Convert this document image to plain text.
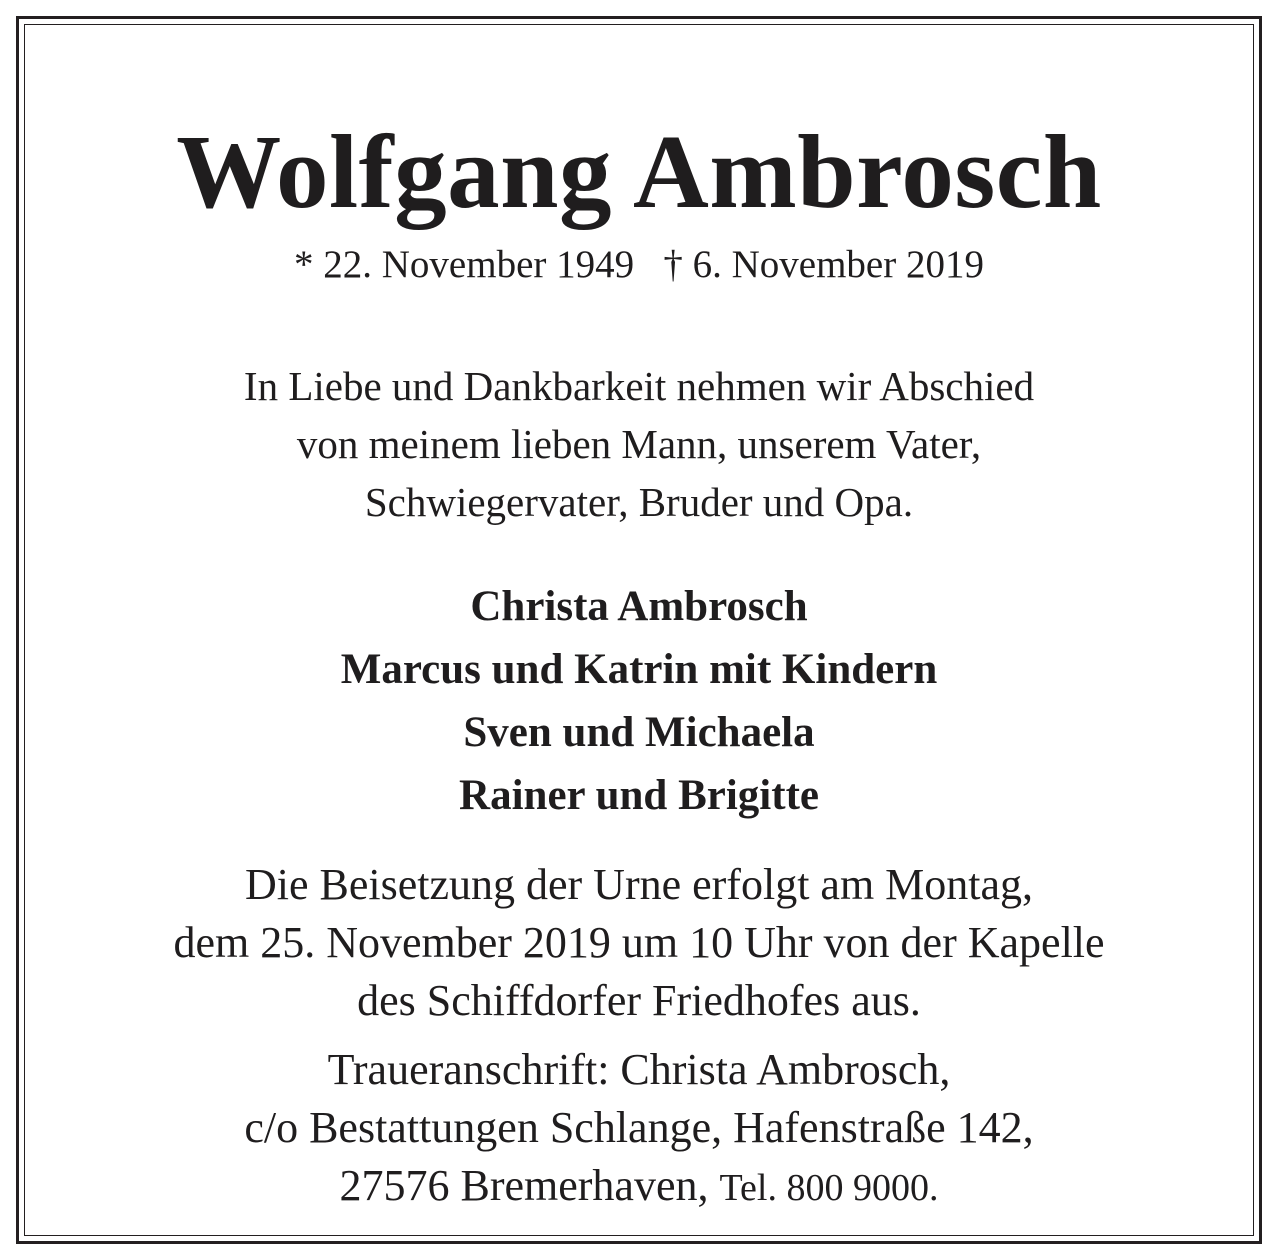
Wolfgang Ambrosch
* 22. November 1949   † 6. November 2019

In Liebe und Dankbarkeit nehmen wir Abschied
von meinem lieben Mann, unserem Vater,
Schwiegervater, Bruder und Opa.

Christa Ambrosch
Marcus und Katrin mit Kindern
Sven und Michaela
Rainer und Brigitte

Die Beisetzung der Urne erfolgt am Montag,
dem 25. November 2019 um 10 Uhr von der Kapelle
des Schiffdorfer Friedhofes aus.

Traueranschrift: Christa Ambrosch,
c/o Bestattungen Schlange, Hafenstraße 142,
27576 Bremerhaven, Tel. 800 9000.
